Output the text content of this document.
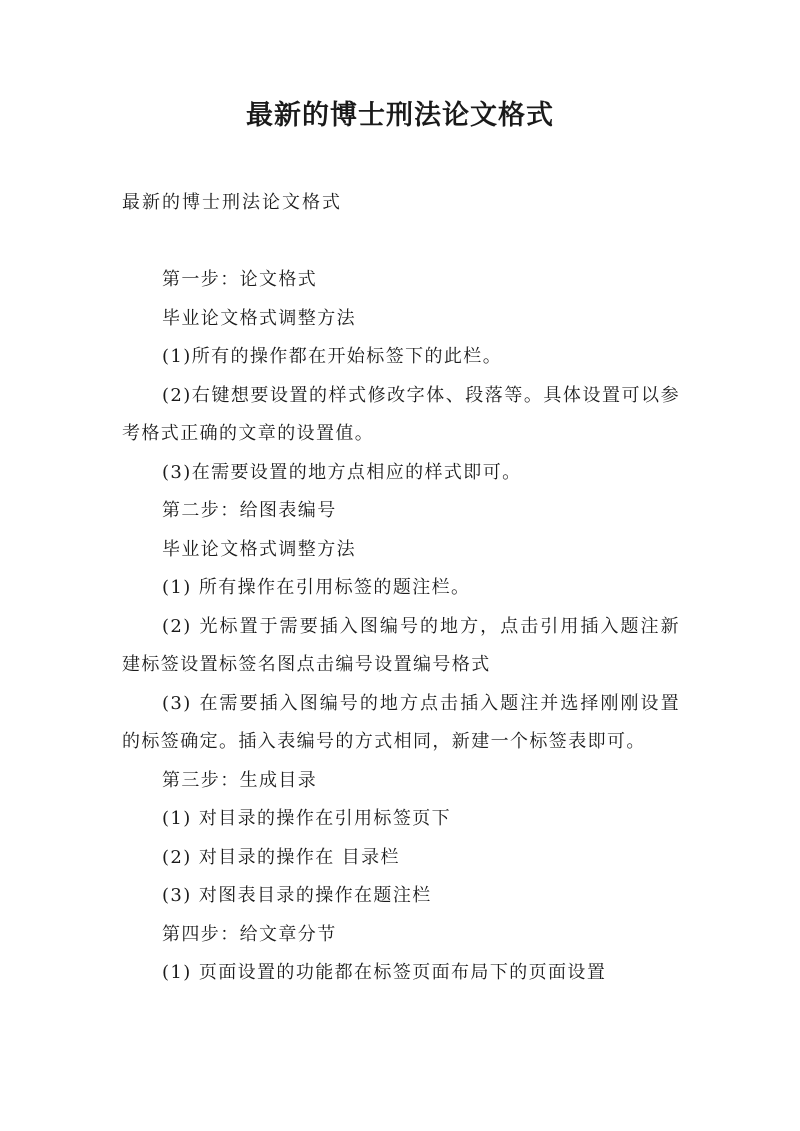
最新的博士刑法论文格式

最新的博士刑法论文格式

第一步：论文格式

毕业论文格式调整方法

(1)所有的操作都在开始标签下的此栏。

(2)右键想要设置的样式修改字体、段落等。具体设置可以参考格式正确的文章的设置值。

(3)在需要设置的地方点相应的样式即可。

第二步：给图表编号

毕业论文格式调整方法

(1) 所有操作在引用标签的题注栏。

(2) 光标置于需要插入图编号的地方，点击引用插入题注新建标签设置标签名图点击编号设置编号格式

(3) 在需要插入图编号的地方点击插入题注并选择刚刚设置的标签确定。插入表编号的方式相同，新建一个标签表即可。

第三步：生成目录

(1) 对目录的操作在引用标签页下

(2) 对目录的操作在 目录栏

(3) 对图表目录的操作在题注栏

第四步：给文章分节

(1) 页面设置的功能都在标签页面布局下的页面设置
